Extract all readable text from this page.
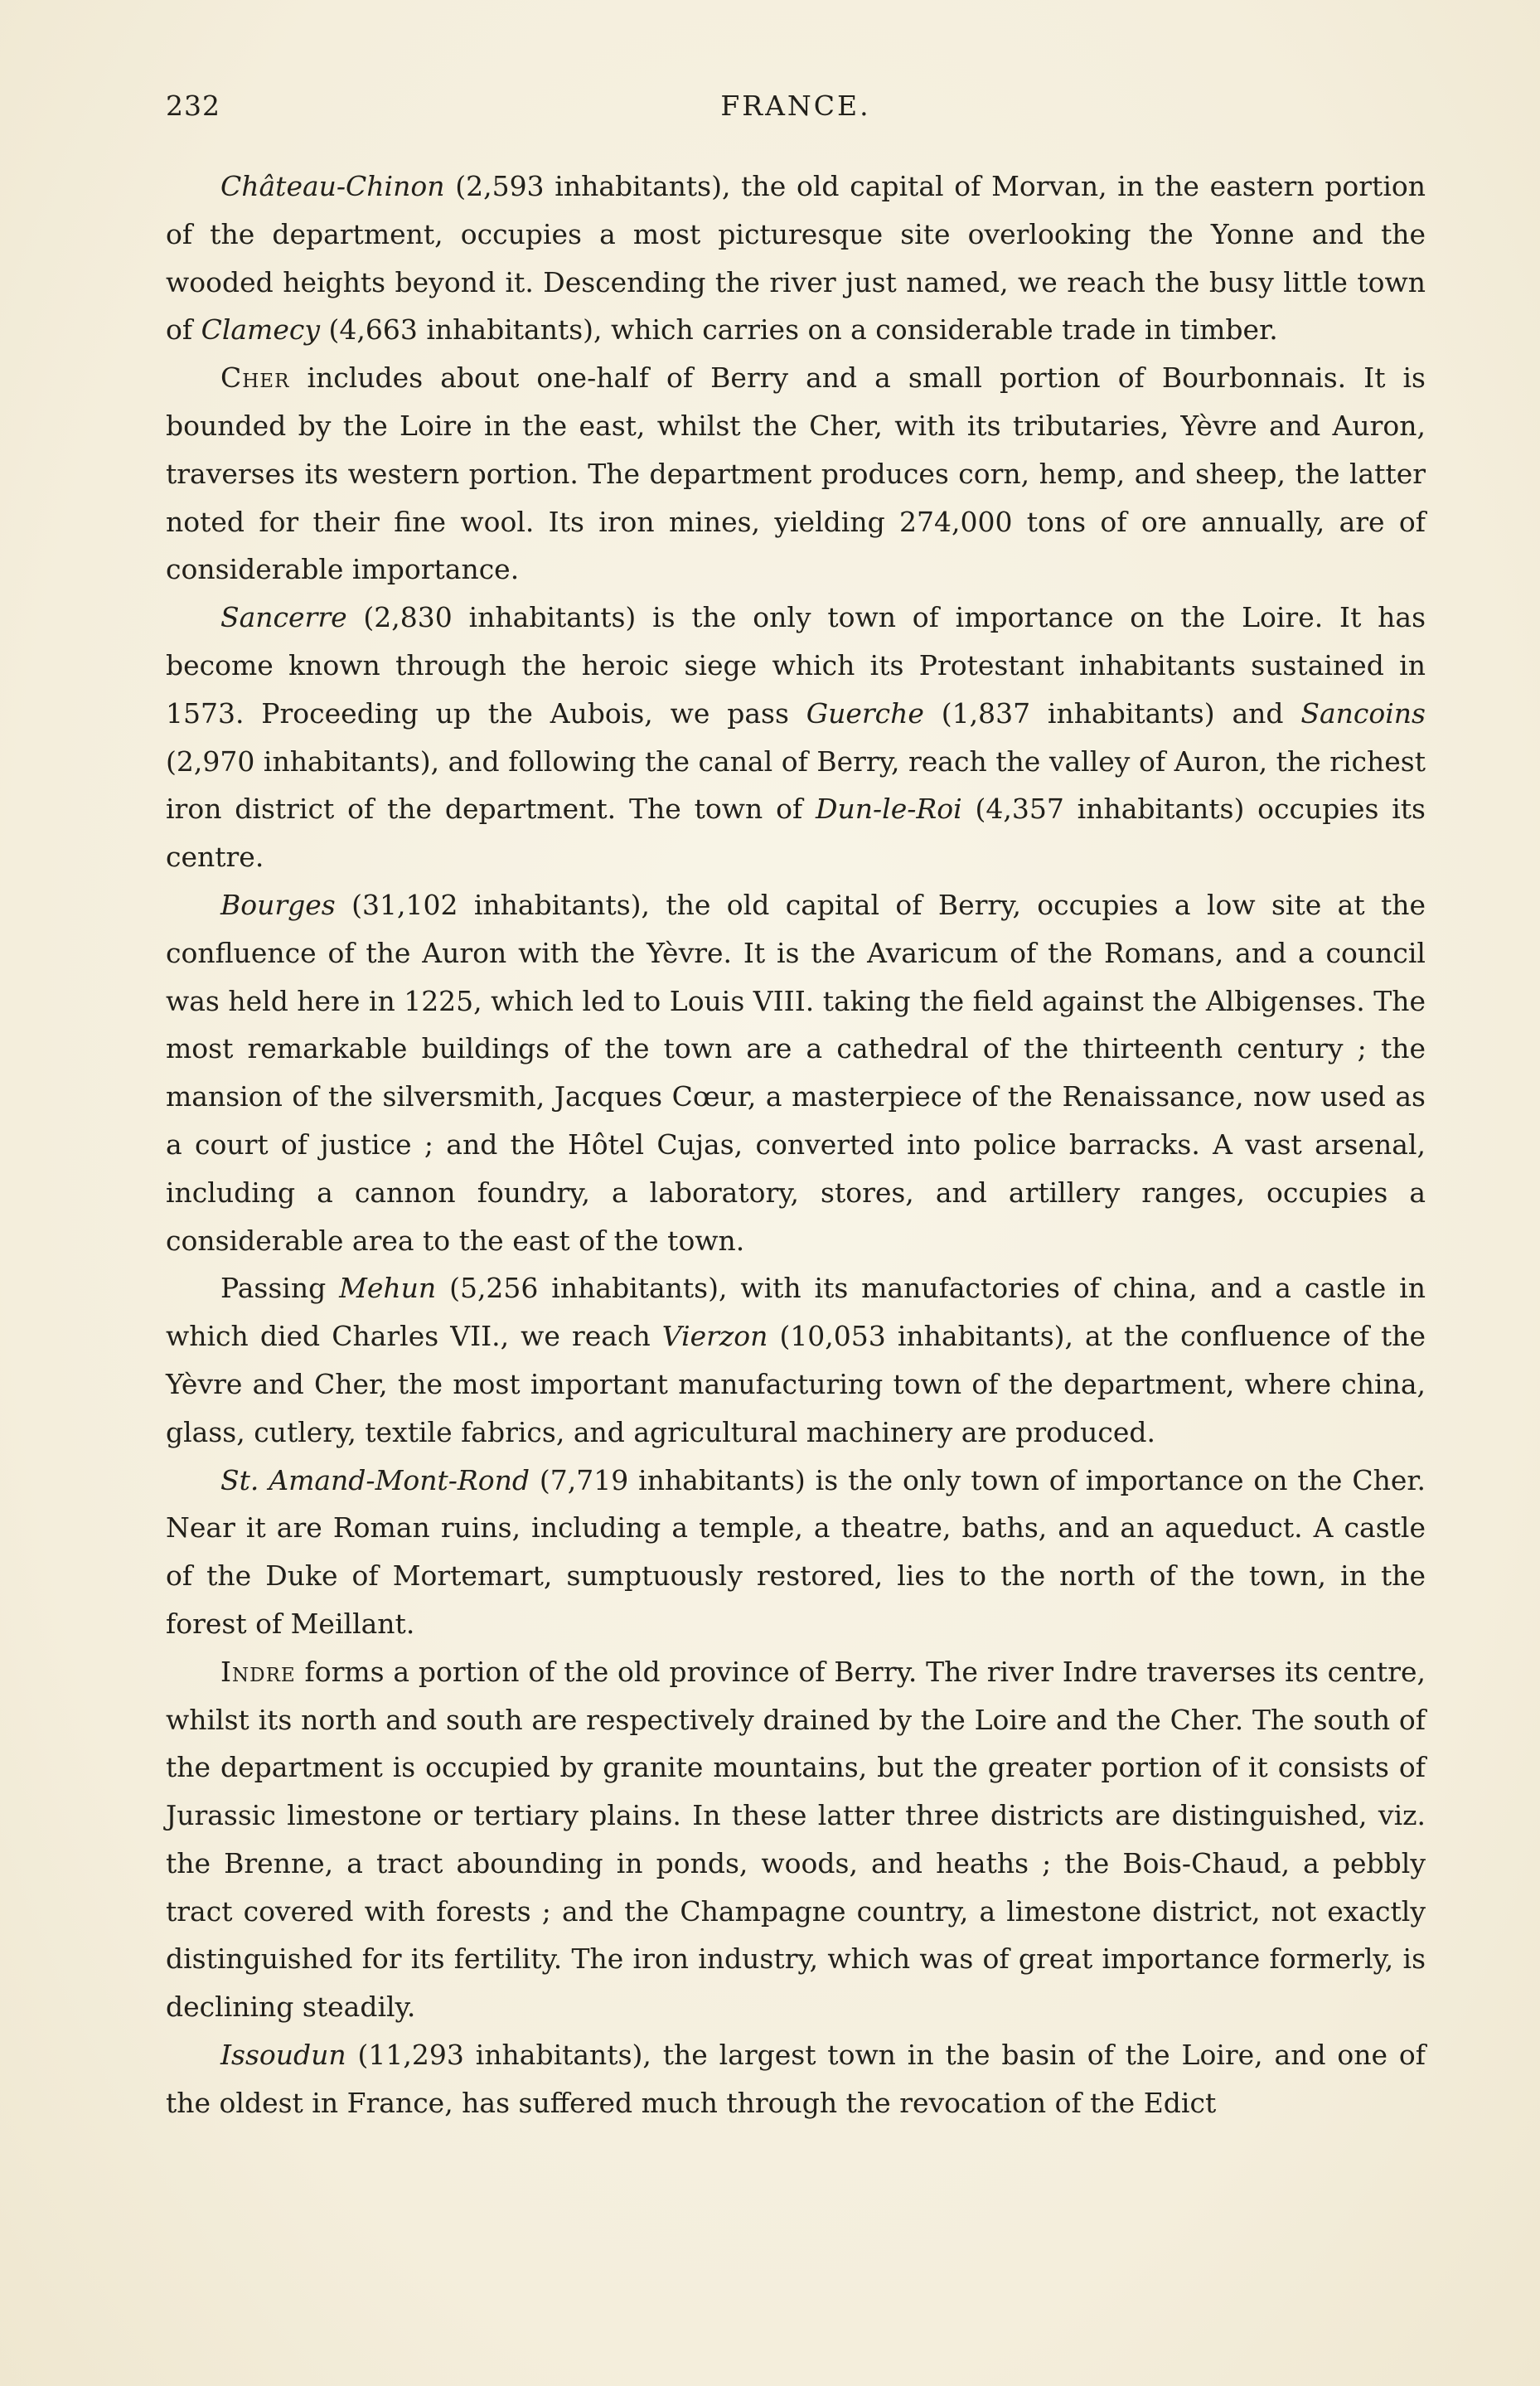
232	FRANCE.

Château-Chinon (2,593 inhabitants), the old capital of Morvan, in the eastern portion of the department, occupies a most picturesque site overlooking the Yonne and the wooded heights beyond it. Descending the river just named, we reach the busy little town of Clamecy (4,663 inhabitants), which carries on a considerable trade in timber.

Cher includes about one-half of Berry and a small portion of Bourbonnais. It is bounded by the Loire in the east, whilst the Cher, with its tributaries, Yèvre and Auron, traverses its western portion. The department produces corn, hemp, and sheep, the latter noted for their fine wool. Its iron mines, yielding 274,000 tons of ore annually, are of considerable importance.

Sancerre (2,830 inhabitants) is the only town of importance on the Loire. It has become known through the heroic siege which its Protestant inhabitants sustained in 1573. Proceeding up the Aubois, we pass Guerche (1,837 inhabitants) and Sancoins (2,970 inhabitants), and following the canal of Berry, reach the valley of Auron, the richest iron district of the department. The town of Dun-le-Roi (4,357 inhabitants) occupies its centre.

Bourges (31,102 inhabitants), the old capital of Berry, occupies a low site at the confluence of the Auron with the Yèvre. It is the Avaricum of the Romans, and a council was held here in 1225, which led to Louis VIII. taking the field against the Albigenses. The most remarkable buildings of the town are a cathedral of the thirteenth century ; the mansion of the silversmith, Jacques Cœur, a masterpiece of the Renaissance, now used as a court of justice ; and the Hôtel Cujas, converted into police barracks. A vast arsenal, including a cannon foundry, a laboratory, stores, and artillery ranges, occupies a considerable area to the east of the town.

Passing Mehun (5,256 inhabitants), with its manufactories of china, and a castle in which died Charles VII., we reach Vierzon (10,053 inhabitants), at the confluence of the Yèvre and Cher, the most important manufacturing town of the department, where china, glass, cutlery, textile fabrics, and agricultural machinery are produced.

St. Amand-Mont-Rond (7,719 inhabitants) is the only town of importance on the Cher. Near it are Roman ruins, including a temple, a theatre, baths, and an aqueduct. A castle of the Duke of Mortemart, sumptuously restored, lies to the north of the town, in the forest of Meillant.

Indre forms a portion of the old province of Berry. The river Indre traverses its centre, whilst its north and south are respectively drained by the Loire and the Cher. The south of the department is occupied by granite mountains, but the greater portion of it consists of Jurassic limestone or tertiary plains. In these latter three districts are distinguished, viz. the Brenne, a tract abounding in ponds, woods, and heaths ; the Bois-Chaud, a pebbly tract covered with forests ; and the Champagne country, a limestone district, not exactly distinguished for its fertility. The iron industry, which was of great importance formerly, is declining steadily.

Issoudun (11,293 inhabitants), the largest town in the basin of the Loire, and one of the oldest in France, has suffered much through the revocation of the Edict
